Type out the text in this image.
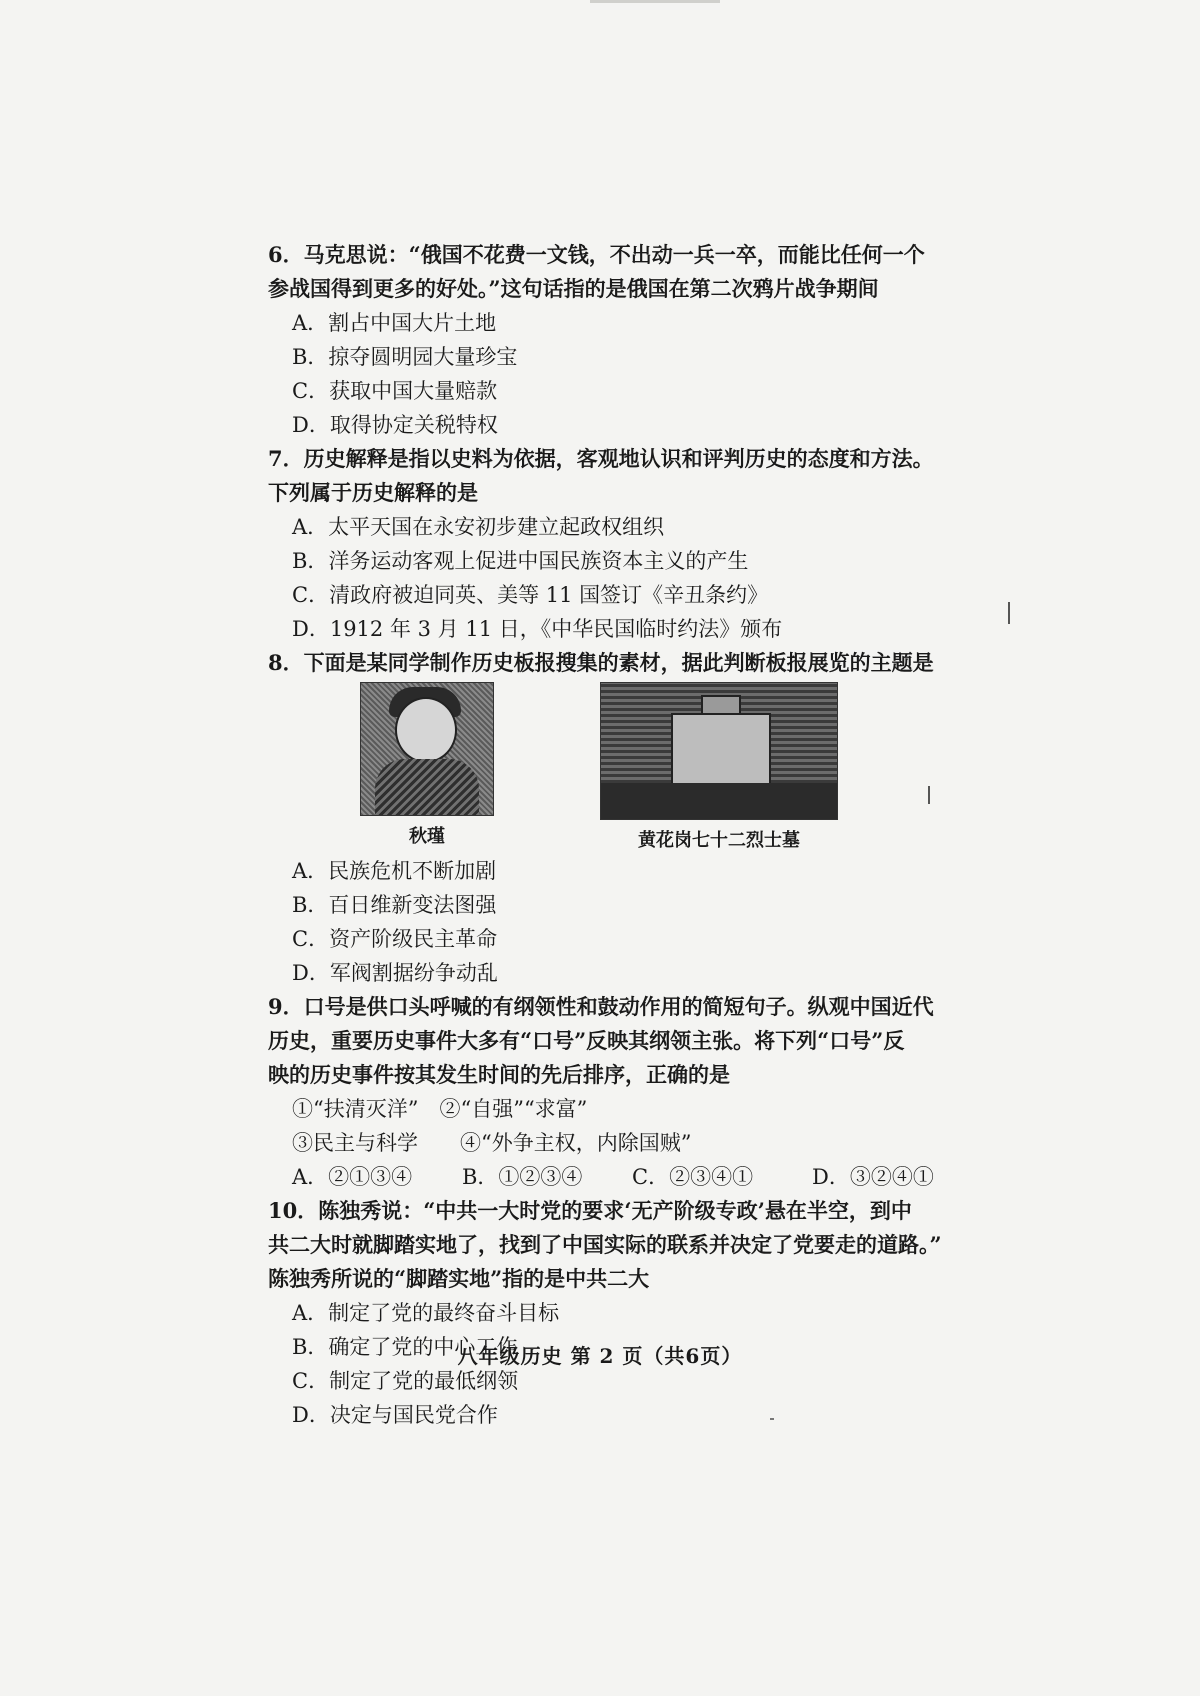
6．马克思说：“俄国不花费一文钱，不出动一兵一卒，而能比任何一个
参战国得到更多的好处。”这句话指的是俄国在第二次鸦片战争期间
A．割占中国大片土地
B．掠夺圆明园大量珍宝
C．获取中国大量赔款
D．取得协定关税特权
7．历史解释是指以史料为依据，客观地认识和评判历史的态度和方法。
下列属于历史解释的是
A．太平天国在永安初步建立起政权组织
B．洋务运动客观上促进中国民族资本主义的产生
C．清政府被迫同英、美等 11 国签订《辛丑条约》
D．1912 年 3 月 11 日，《中华民国临时约法》颁布
8．下面是某同学制作历史板报搜集的素材，据此判断板报展览的主题是
秋瑾	黄花岗七十二烈士墓
A．民族危机不断加剧
B．百日维新变法图强
C．资产阶级民主革命
D．军阀割据纷争动乱
9．口号是供口头呼喊的有纲领性和鼓动作用的简短句子。纵观中国近代
历史，重要历史事件大多有“口号”反映其纲领主张。将下列“口号”反
映的历史事件按其发生时间的先后排序，正确的是
①“扶清灭洋”　②“自强”“求富”
③民主与科学　　④“外争主权，内除国贼”
A．②①③④	B．①②③④	C．②③④①	D．③②④①
10．陈独秀说：“中共一大时党的要求‘无产阶级专政’悬在半空，到中
共二大时就脚踏实地了，找到了中国实际的联系并决定了党要走的道路。”
陈独秀所说的“脚踏实地”指的是中共二大
A．制定了党的最终奋斗目标
B．确定了党的中心工作
C．制定了党的最低纲领
D．决定与国民党合作
八年级历史 第 2 页（共6页）
